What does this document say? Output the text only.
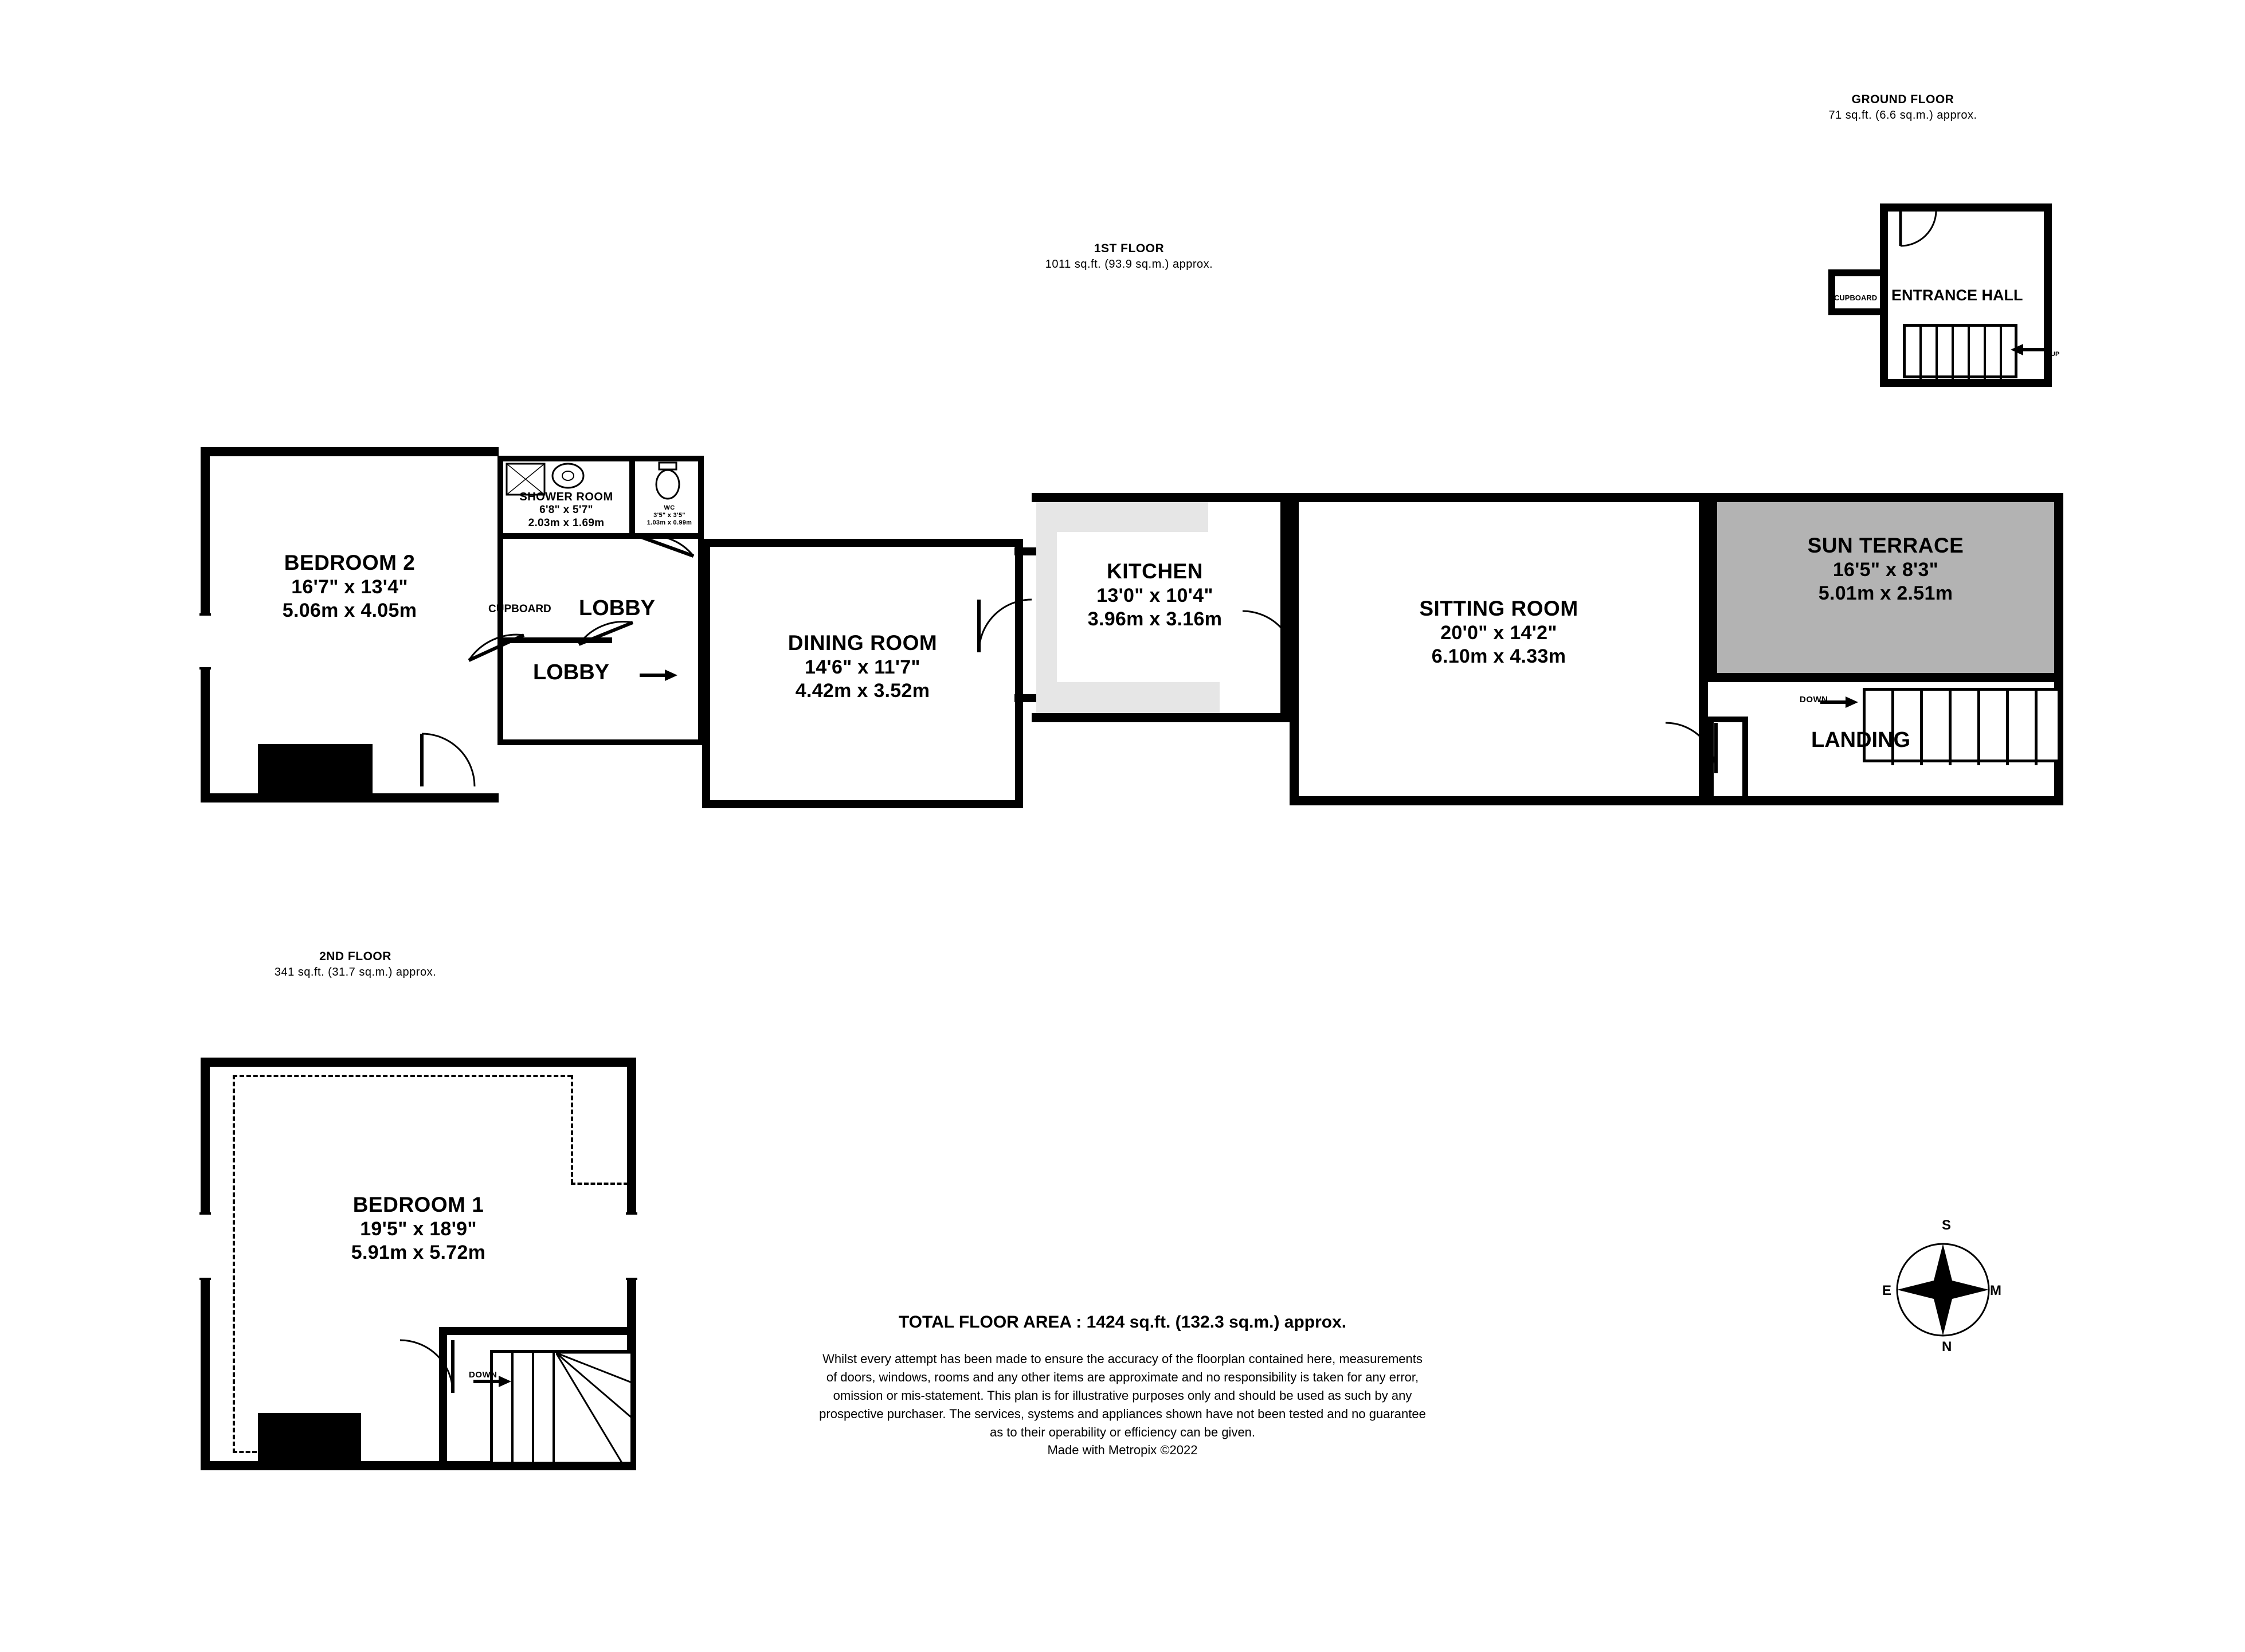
GROUND FLOOR
71 sq.ft. (6.6 sq.m.) approx.
CUPBOARD
UP
ENTRANCE HALL
1ST FLOOR
1011 sq.ft. (93.9 sq.m.) approx.
BEDROOM 2
16'7" x 13'4"
5.06m x 4.05m
SHOWER ROOM
6'8" x 5'7"
2.03m x 1.69m
WC
3'5" x 3'5"
1.03m x 0.99m
CUPBOARD LOBBY
LOBBY
DINING ROOM
14'6" x 11'7"
4.42m x 3.52m
KITCHEN
13'0" x 10'4"
3.96m x 3.16m	SITTING ROOM
20'0" x 14'2"
6.10m x 4.33m
SUN TERRACE
16'5" x 8'3"
5.01m x 2.51m
DOWN
LANDING
2ND FLOOR
341 sq.ft. (31.7 sq.m.) approx.
BEDROOM 1
19'5" x 18'9"
5.91m x 5.72m
DOWN
S
N
M
E
TOTAL FLOOR AREA : 1424 sq.ft. (132.3 sq.m.) approx.
Whilst every attempt has been made to ensure the accuracy of the floorplan contained here, measurements
of doors, windows, rooms and any other items are approximate and no responsibility is taken for any error,
omission or mis-statement. This plan is for illustrative purposes only and should be used as such by any
prospective purchaser. The services, systems and appliances shown have not been tested and no guarantee
as to their operability or efficiency can be given.
Made with Metropix ©2022
